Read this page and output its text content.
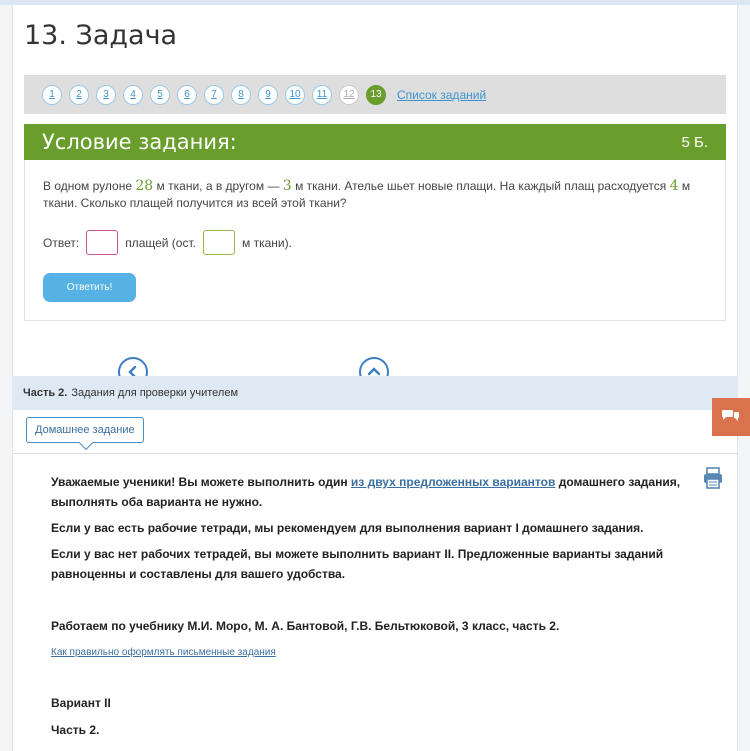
13. Задача
1	2	3	4	5	6	7	8	9	10	11	12	13	Список заданий
Условие задания:	5 Б.
В одном рулоне 28 м ткани, а в другом — 3 м ткани. Ателье шьет новые плащи. На каждый плащ расходуется 4 м ткани. Сколько плащей получится из всей этой ткани?
Ответ:	плащей (ост.	м ткани).
Ответить!
Часть 2. Задания для проверки учителем
Домашнее задание
Уважаемые ученики! Вы можете выполнить один из двух предложенных вариантов домашнего задания, выполнять оба варианта не нужно.
Если у вас есть рабочие тетради, мы рекомендуем для выполнения вариант I домашнего задания.
Если у вас нет рабочих тетрадей, вы можете выполнить вариант II. Предложенные варианты заданий равноценны и составлены для вашего удобства.
Работаем по учебнику М.И. Моро, М. А. Бантовой, Г.В. Бельтюковой, 3 класс, часть 2.
Как правильно оформлять письменные задания
Вариант II
Часть 2.
